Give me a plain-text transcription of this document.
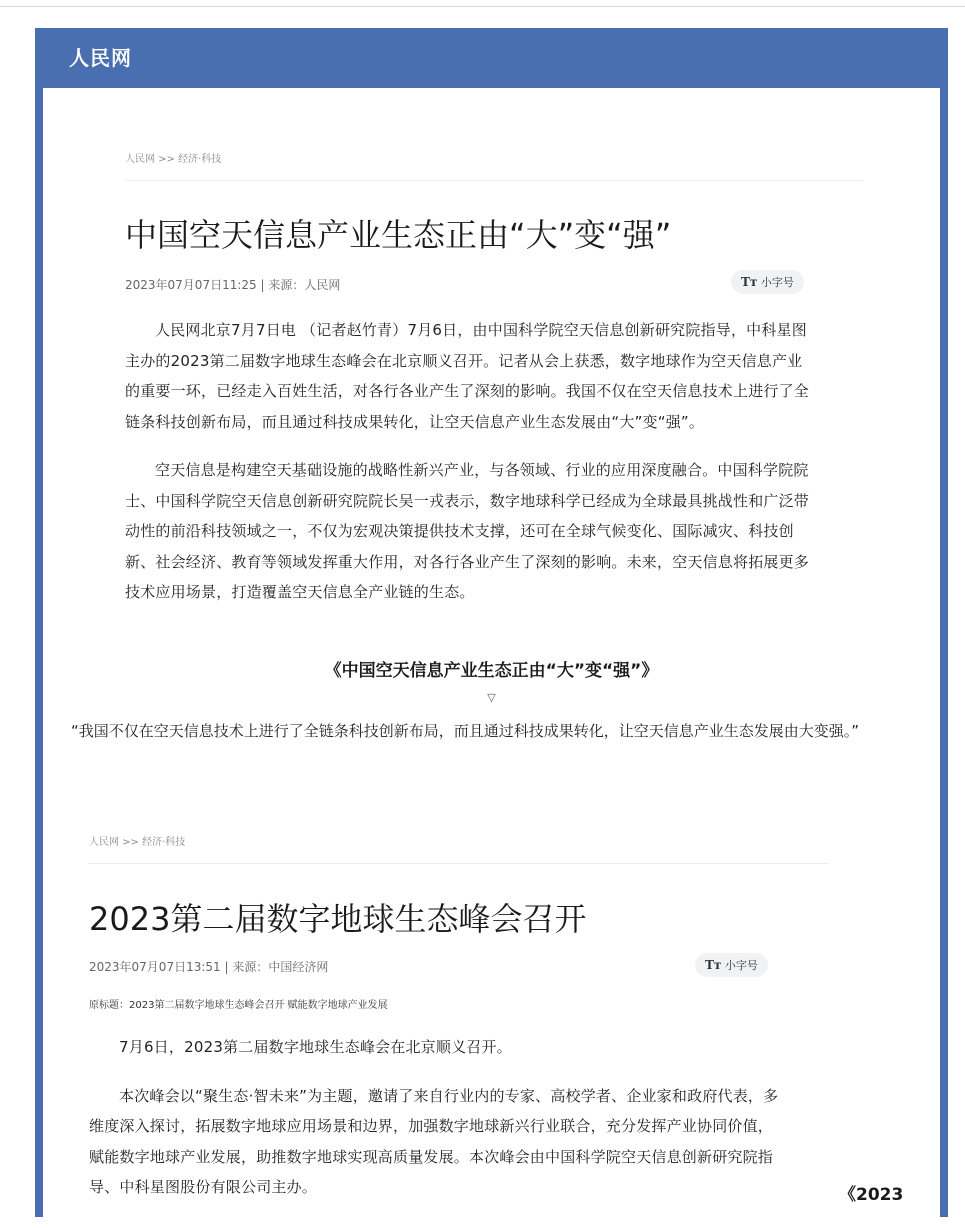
人民网
人民网 >> 经济·科技
中国空天信息产业生态正由“大”变“强”
2023年07月07日11:25 | 来源：人民网	Tт 小字号

人民网北京7月7日电 （记者赵竹青）7月6日，由中国科学院空天信息创新研究院指导，中科星图主办的2023第二届数字地球生态峰会在北京顺义召开。记者从会上获悉，数字地球作为空天信息产业的重要一环，已经走入百姓生活，对各行各业产生了深刻的影响。我国不仅在空天信息技术上进行了全链条科技创新布局，而且通过科技成果转化，让空天信息产业生态发展由“大”变“强”。

空天信息是构建空天基础设施的战略性新兴产业，与各领域、行业的应用深度融合。中国科学院院士、中国科学院空天信息创新研究院院长吴一戎表示，数字地球科学已经成为全球最具挑战性和广泛带动性的前沿科技领域之一，不仅为宏观决策提供技术支撑，还可在全球气候变化、国际减灾、科技创新、社会经济、教育等领域发挥重大作用，对各行各业产生了深刻的影响。未来，空天信息将拓展更多技术应用场景，打造覆盖空天信息全产业链的生态。

《中国空天信息产业生态正由“大”变“强”》
▽

“我国不仅在空天信息技术上进行了全链条科技创新布局，而且通过科技成果转化，让空天信息产业生态发展由大变强。”

人民网 >> 经济·科技
2023第二届数字地球生态峰会召开
2023年07月07日13:51 | 来源：中国经济网	Tт 小字号
原标题：2023第二届数字地球生态峰会召开 赋能数字地球产业发展

7月6日，2023第二届数字地球生态峰会在北京顺义召开。

本次峰会以“聚生态·智未来”为主题，邀请了来自行业内的专家、高校学者、企业家和政府代表，多维度深入探讨，拓展数字地球应用场景和边界，加强数字地球新兴行业联合，充分发挥产业协同价值，赋能数字地球产业发展，助推数字地球实现高质量发展。本次峰会由中国科学院空天信息创新研究院指导、中科星图股份有限公司主办。	《2023
